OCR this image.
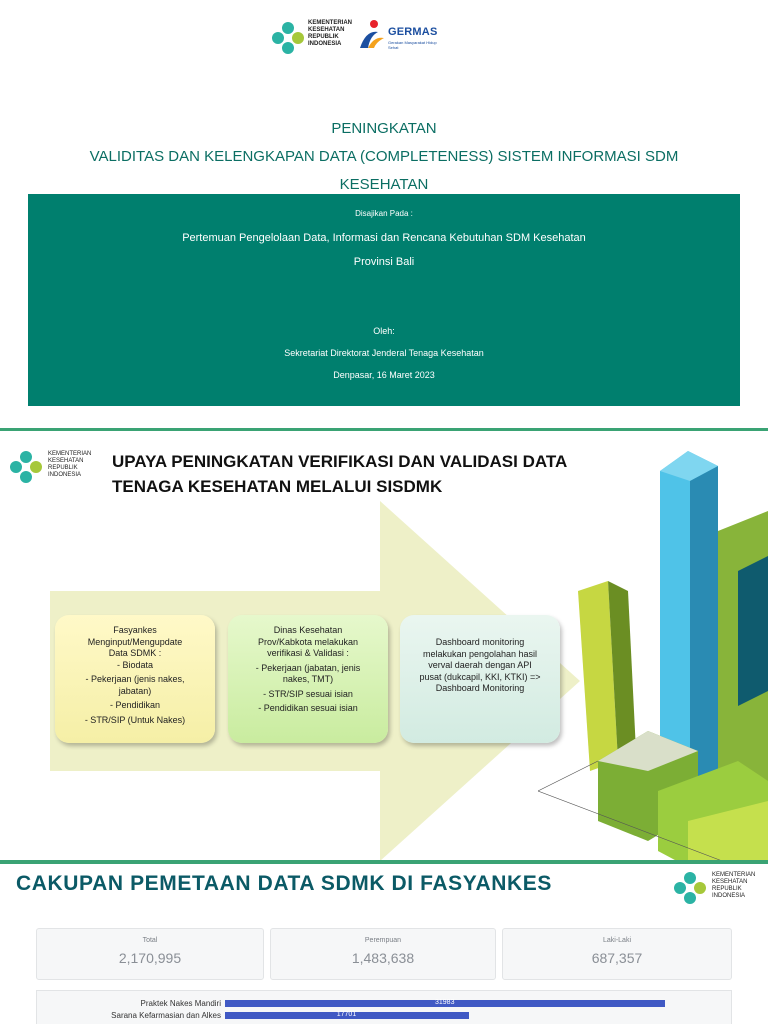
KEMENTERIAN KESEHATAN REPUBLIK INDONESIA
GERMAS
Gerakan Masyarakat Hidup Sehat
PENINGKATAN
VALIDITAS DAN KELENGKAPAN DATA (COMPLETENESS) SISTEM INFORMASI SDM
KESEHATAN
Disajikan Pada :
Pertemuan Pengelolaan Data, Informasi dan Rencana Kebutuhan SDM Kesehatan
Provinsi Bali
Oleh:
Sekretariat Direktorat Jenderal Tenaga Kesehatan
Denpasar, 16 Maret 2023
KEMENTERIAN KESEHATAN REPUBLIK INDONESIA
UPAYA PENINGKATAN VERIFIKASI DAN VALIDASI DATA
TENAGA KESEHATAN MELALUI SISDMK
Fasyankes
Menginput/Mengupdate
Data SDMK :
- Biodata
- Pekerjaan (jenis nakes,
jabatan)
- Pendidikan
- STR/SIP (Untuk Nakes)
Dinas Kesehatan
Prov/Kabkota melakukan
verifikasi & Validasi :
- Pekerjaan (jabatan, jenis
nakes, TMT)
- STR/SIP sesuai isian
- Pendidikan sesuai isian
Dashboard monitoring
melakukan pengolahan hasil
verval daerah dengan API
pusat (dukcapil, KKI, KTKI) =>
Dashboard Monitoring
CAKUPAN PEMETAAN DATA SDMK DI FASYANKES	KEMENTERIAN KESEHATAN REPUBLIK INDONESIA
Total
2,170,995
Perempuan
1,483,638
Laki-Laki
687,357
Praktek Nakes Mandiri	31983
Sarana Kefarmasian dan Alkes	17701
